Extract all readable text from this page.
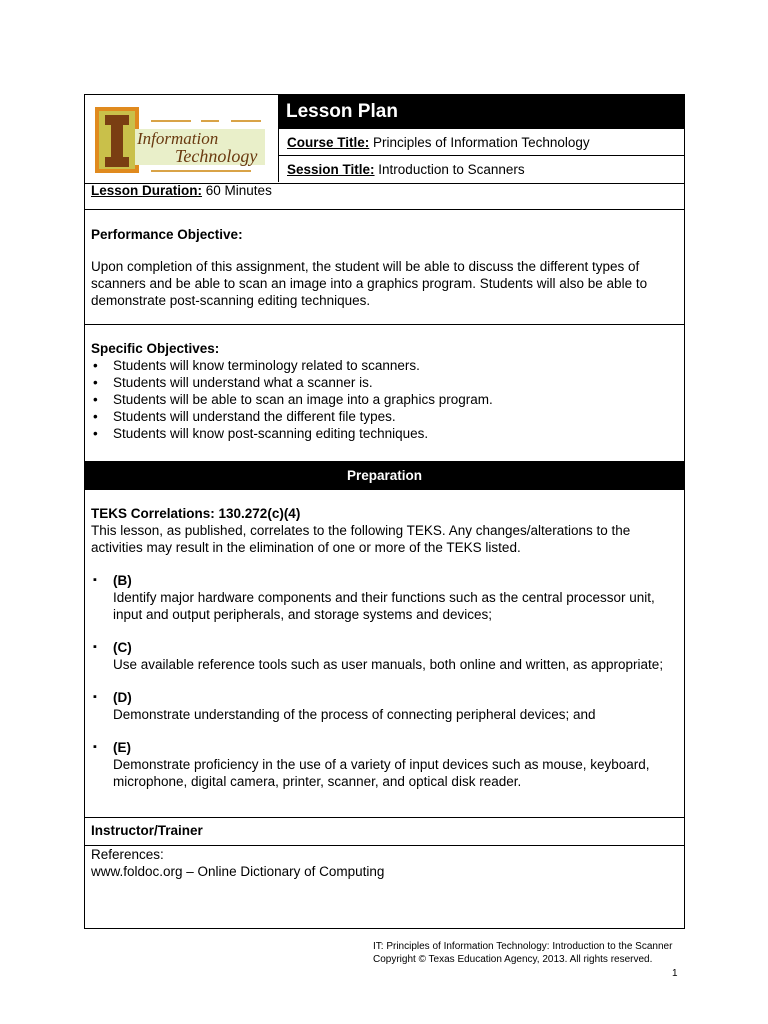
Information
Technology
Lesson Plan
Course Title: Principles of Information Technology
Session Title: Introduction to Scanners
Lesson Duration: 60 Minutes
Performance Objective:
Upon completion of this assignment, the student will be able to discuss the different types of scanners and be able to scan an image into a graphics program. Students will also be able to demonstrate post-scanning editing techniques.
Specific Objectives:
• Students will know terminology related to scanners.
• Students will understand what a scanner is.
• Students will be able to scan an image into a graphics program.
• Students will understand the different file types.
• Students will know post-scanning editing techniques.
Preparation
TEKS Correlations: 130.272(c)(4)
This lesson, as published, correlates to the following TEKS. Any changes/alterations to the activities may result in the elimination of one or more of the TEKS listed.
▪ (B)
Identify major hardware components and their functions such as the central processor unit, input and output peripherals, and storage systems and devices;
▪ (C)
Use available reference tools such as user manuals, both online and written, as appropriate;
▪ (D)
Demonstrate understanding of the process of connecting peripheral devices; and
▪ (E)
Demonstrate proficiency in the use of a variety of input devices such as mouse, keyboard, microphone, digital camera, printer, scanner, and optical disk reader.
Instructor/Trainer
References:
www.foldoc.org – Online Dictionary of Computing
IT: Principles of Information Technology: Introduction to the Scanner
Copyright © Texas Education Agency, 2013. All rights reserved.
1
